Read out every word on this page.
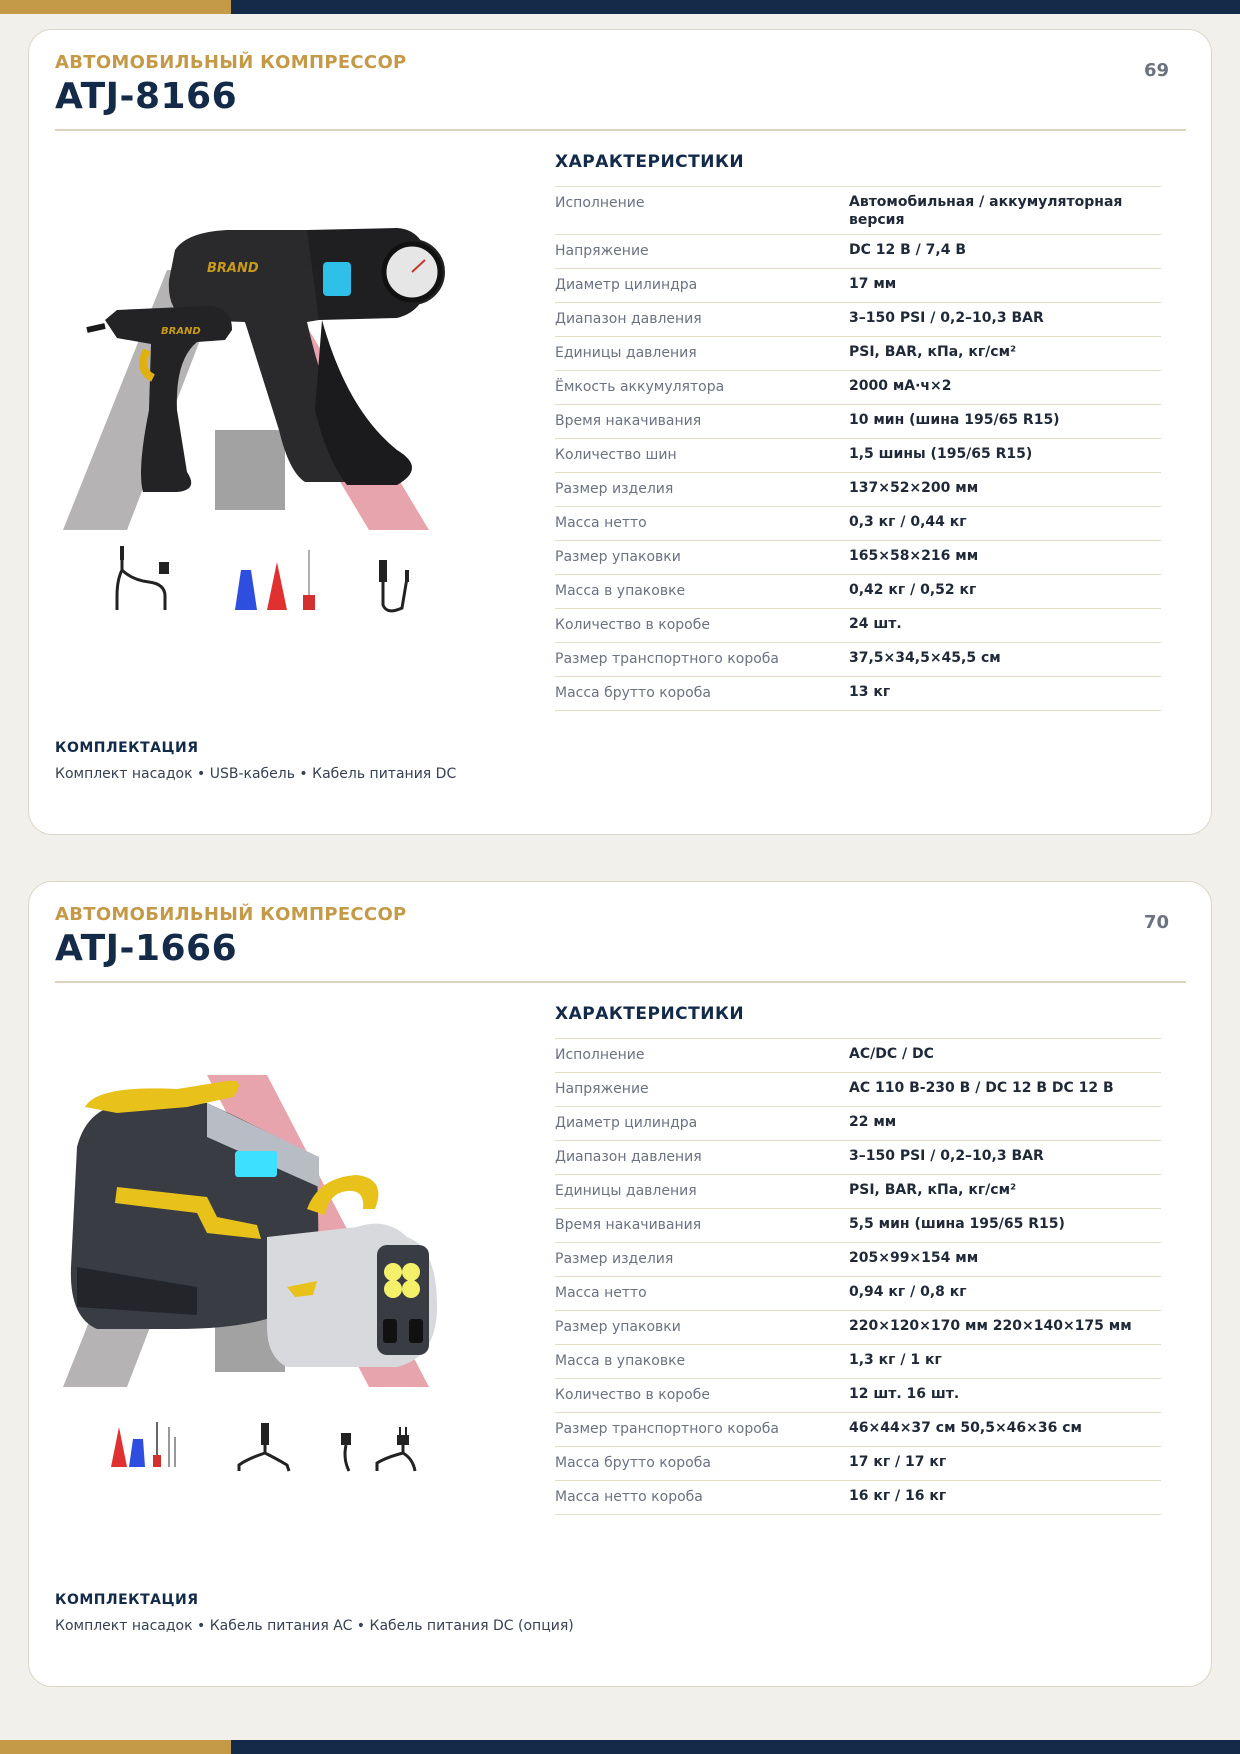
АВТОМОБИЛЬНЫЙ КОМПРЕССОР
ATJ-8166
69
BRAND
BRAND
ХАРАКТЕРИСТИКИ
Исполнение	Автомобильная / аккумуляторная версия
Напряжение	DC 12 В / 7,4 В
Диаметр цилиндра	17 мм
Диапазон давления	3–150 PSI / 0,2–10,3 BAR
Единицы давления	PSI, BAR, кПа, кг/см²
Ёмкость аккумулятора	2000 мА·ч×2
Время накачивания	10 мин (шина 195/65 R15)
Количество шин	1,5 шины (195/65 R15)
Размер изделия	137×52×200 мм
Масса нетто	0,3 кг / 0,44 кг
Размер упаковки	165×58×216 мм
Масса в упаковке	0,42 кг / 0,52 кг
Количество в коробе	24 шт.
Размер транспортного короба	37,5×34,5×45,5 см
Масса брутто короба	13 кг
КОМПЛЕКТАЦИЯ
Комплект насадок • USB-кабель • Кабель питания DC
АВТОМОБИЛЬНЫЙ КОМПРЕССОР
ATJ-1666
70
ХАРАКТЕРИСТИКИ
Исполнение	AC/DC / DC
Напряжение	AC 110 В-230 В / DC 12 В DC 12 В
Диаметр цилиндра	22 мм
Диапазон давления	3–150 PSI / 0,2–10,3 BAR
Единицы давления	PSI, BAR, кПа, кг/см²
Время накачивания	5,5 мин (шина 195/65 R15)
Размер изделия	205×99×154 мм
Масса нетто	0,94 кг / 0,8 кг
Размер упаковки	220×120×170 мм 220×140×175 мм
Масса в упаковке	1,3 кг / 1 кг
Количество в коробе	12 шт. 16 шт.
Размер транспортного короба	46×44×37 см 50,5×46×36 см
Масса брутто короба	17 кг / 17 кг
Масса нетто короба	16 кг / 16 кг
КОМПЛЕКТАЦИЯ
Комплект насадок • Кабель питания AC • Кабель питания DC (опция)
